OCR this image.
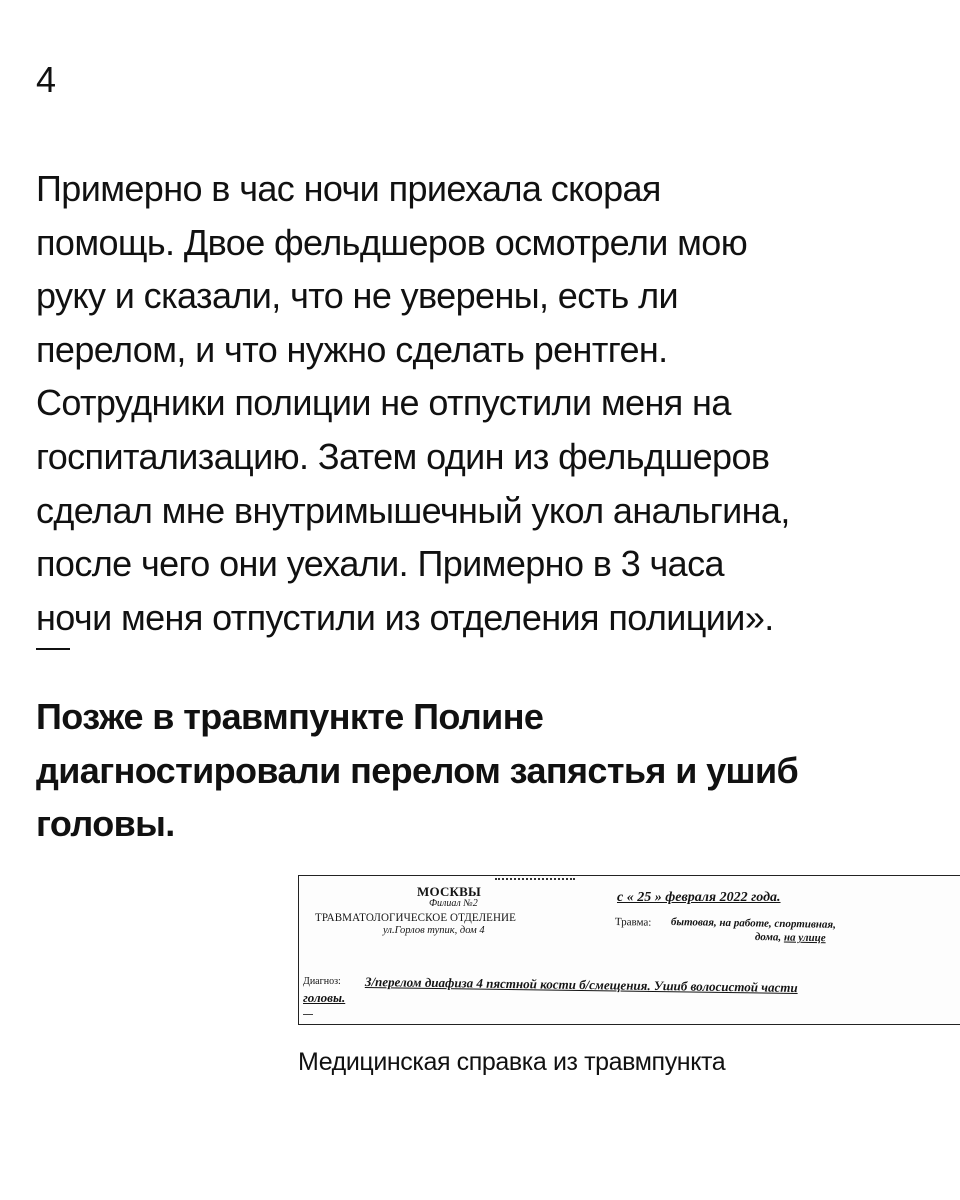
4
Примерно в час ночи приехала скорая
помощь. Двое фельдшеров осмотрели мою
руку и сказали, что не уверены, есть ли
перелом, и что нужно сделать рентген.
Сотрудники полиции не отпустили меня на
госпитализацию. Затем один из фельдшеров
сделал мне внутримышечный укол анальгина,
после чего они уехали. Примерно в 3 часа
ночи меня отпустили из отделения полиции».
Позже в травмпункте Полине
диагностировали перелом запястья и ушиб
головы.
МОСКВЫ
Филиал №2
ТРАВМАТОЛОГИЧЕСКОЕ ОТДЕЛЕНИЕ
ул.Горлов тупик, дом 4
с « 25 » февраля 2022 года.
Травма: бытовая, на работе, спортивная,
дома, на улице
Диагноз: З/перелом диафиза 4 пястной кости б/смещения. Ушиб волосистой части
головы.
Медицинская справка из травмпункта
